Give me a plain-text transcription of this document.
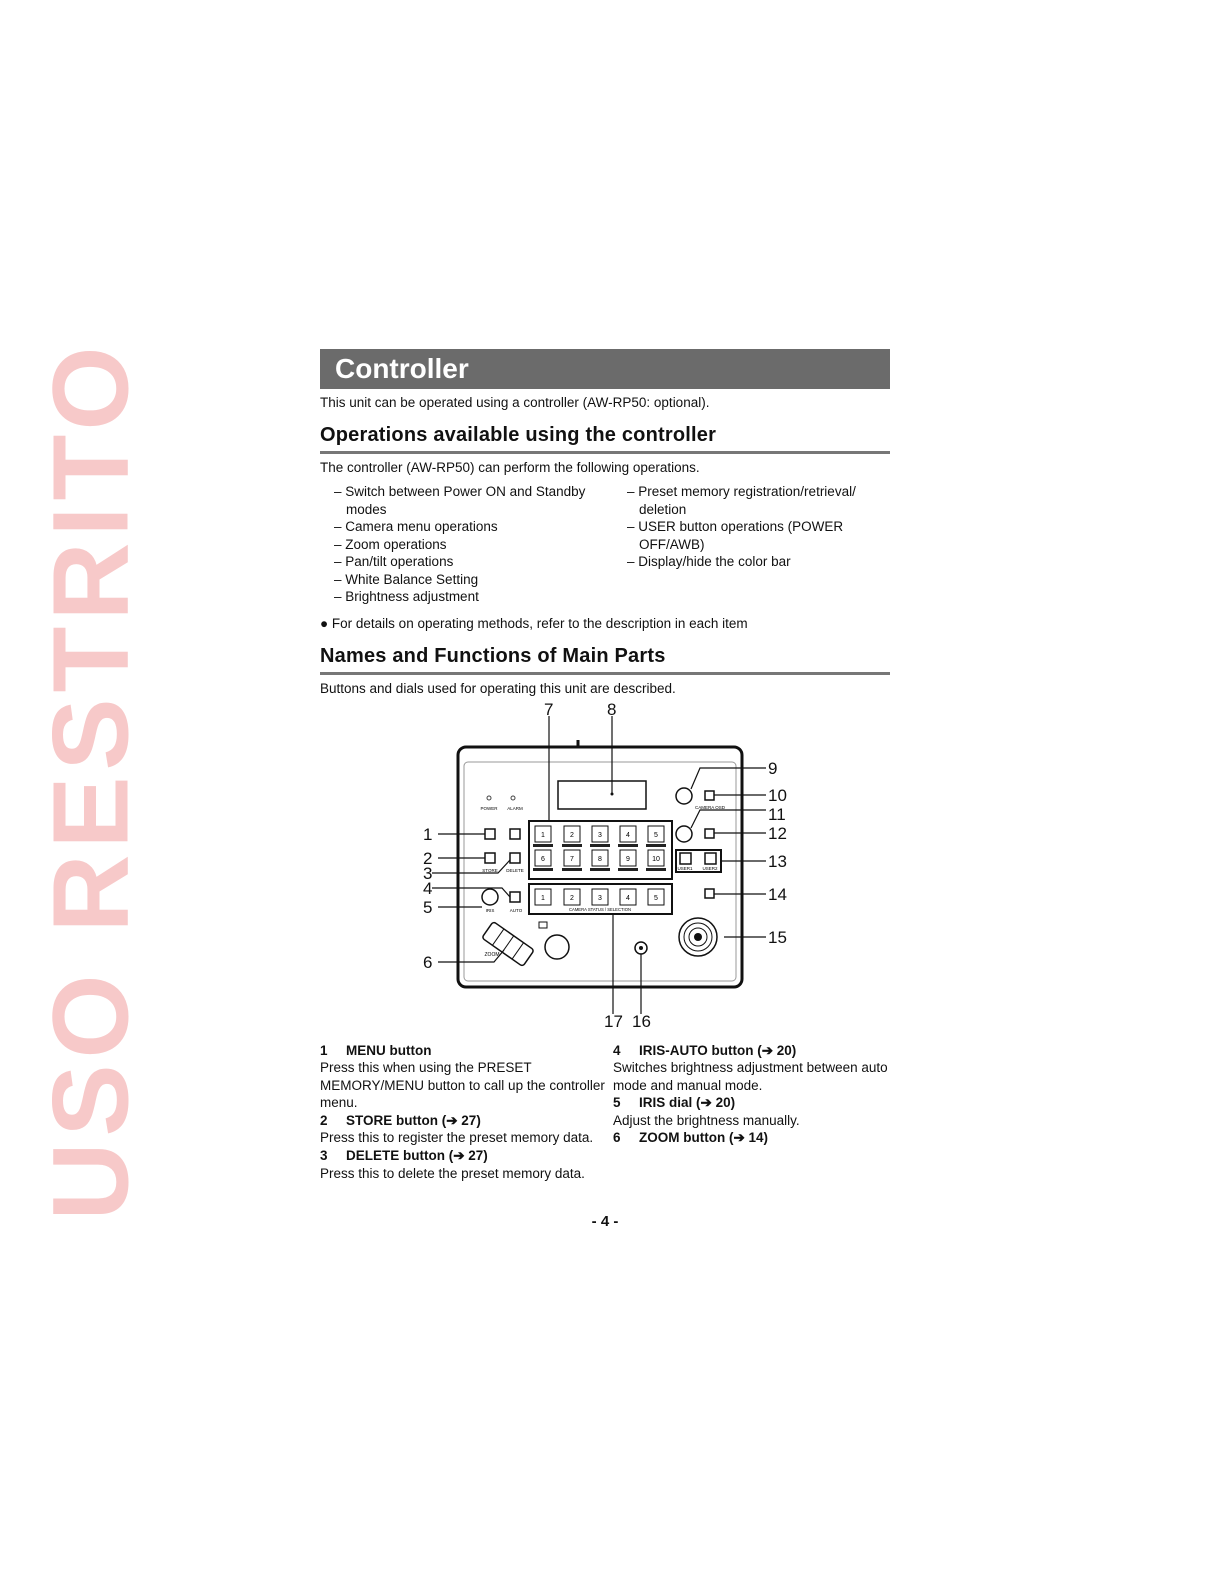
USO RESTRITO	Controller

This unit can be operated using a controller (AW-RP50: optional).

Operations available using the controller

The controller (AW-RP50) can perform the following operations.

– Switch between Power ON and Standby modes
– Camera menu operations
– Zoom operations
– Pan/tilt operations
– White Balance Setting
– Brightness adjustment
– Preset memory registration/retrieval/ deletion
– USER button operations (POWER OFF/AWB)
– Display/hide the color bar

● For details on operating methods, refer to the description in each item

Names and Functions of Main Parts

Buttons and dials used for operating this unit are described.

POWER ALARM
1	2	3	4	5
6	7	8	9	10
STORE DELETE
CAMERA OSD
USER1 USER2
1	2	3	4	5
CAMERA STATUS / SELECTION
IRIS	AUTO
ZOOM
1
2
3
4
5
6
7	8
9
10
11
12
13
14
15
16
17
1 MENU button
Press this when using the PRESET MEMORY/MENU button to call up the controller menu.
2 STORE button (➔ 27)
Press this to register the preset memory data.
3 DELETE button (➔ 27)
Press this to delete the preset memory data.
4 IRIS-AUTO button (➔ 20)
Switches brightness adjustment between auto mode and manual mode.
5 IRIS dial (➔ 20)
Adjust the brightness manually.
6 ZOOM button (➔ 14)
- 4 -
